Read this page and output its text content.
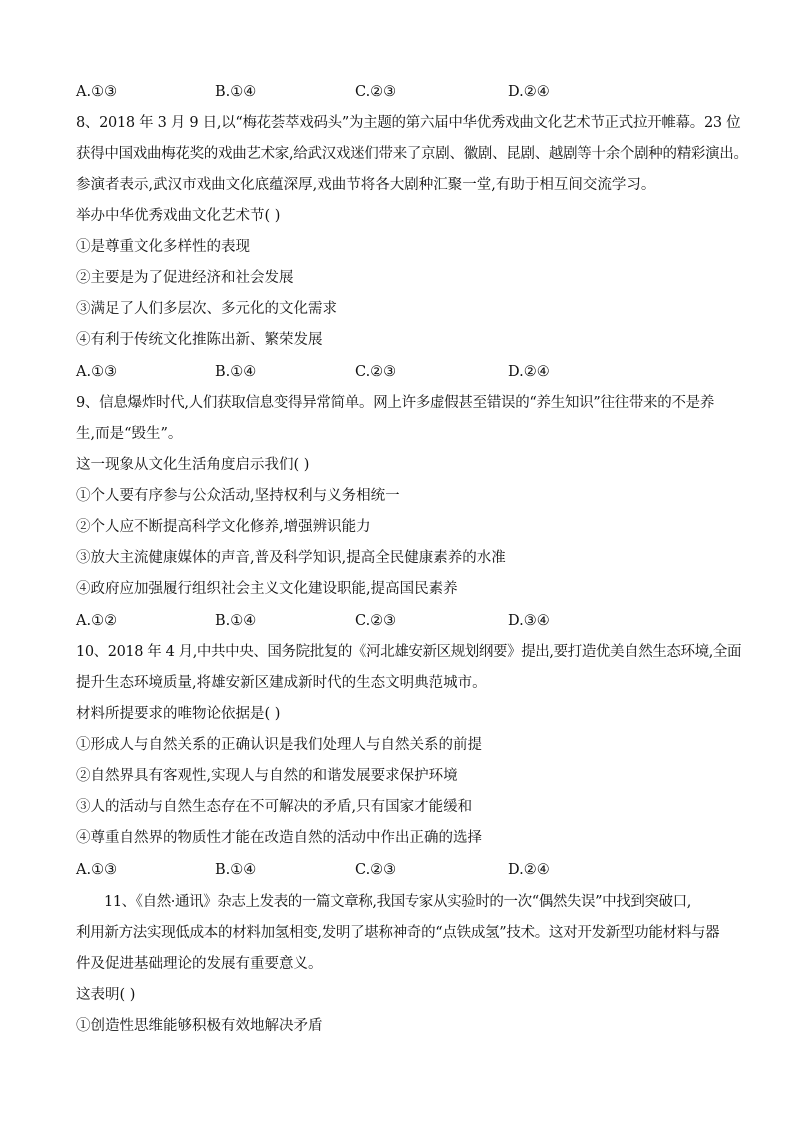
A.①③	B.①④	C.②③	D.②④
8、2018 年 3 月 9 日,以“梅花荟萃戏码头”为主题的第六届中华优秀戏曲文化艺术节正式拉开帷幕。23 位
获得中国戏曲梅花奖的戏曲艺术家,给武汉戏迷们带来了京剧、徽剧、昆剧、越剧等十余个剧种的精彩演出。
参演者表示,武汉市戏曲文化底蕴深厚,戏曲节将各大剧种汇聚一堂,有助于相互间交流学习。
举办中华优秀戏曲文化艺术节( )
①是尊重文化多样性的表现
②主要是为了促进经济和社会发展
③满足了人们多层次、多元化的文化需求
④有利于传统文化推陈出新、繁荣发展
A.①③	B.①④	C.②③	D.②④
9、信息爆炸时代,人们获取信息变得异常简单。网上许多虚假甚至错误的“养生知识”往往带来的不是养
生,而是“毁生”。
这一现象从文化生活角度启示我们( )
①个人要有序参与公众活动,坚持权利与义务相统一
②个人应不断提高科学文化修养,增强辨识能力
③放大主流健康媒体的声音,普及科学知识,提高全民健康素养的水准
④政府应加强履行组织社会主义文化建设职能,提高国民素养
A.①②	B.①④	C.②③	D.③④
10、2018 年 4 月,中共中央、国务院批复的《河北雄安新区规划纲要》提出,要打造优美自然生态环境,全面
提升生态环境质量,将雄安新区建成新时代的生态文明典范城市。
材料所提要求的唯物论依据是( )
①形成人与自然关系的正确认识是我们处理人与自然关系的前提
②自然界具有客观性,实现人与自然的和谐发展要求保护环境
③人的活动与自然生态存在不可解决的矛盾,只有国家才能缓和
④尊重自然界的物质性才能在改造自然的活动中作出正确的选择
A.①③	B.①④	C.②③	D.②④
11、《自然·通讯》杂志上发表的一篇文章称,我国专家从实验时的一次“偶然失误”中找到突破口,
利用新方法实现低成本的材料加氢相变,发明了堪称神奇的“点铁成氢”技术。这对开发新型功能材料与器
件及促进基础理论的发展有重要意义。
这表明( )
①创造性思维能够积极有效地解决矛盾
